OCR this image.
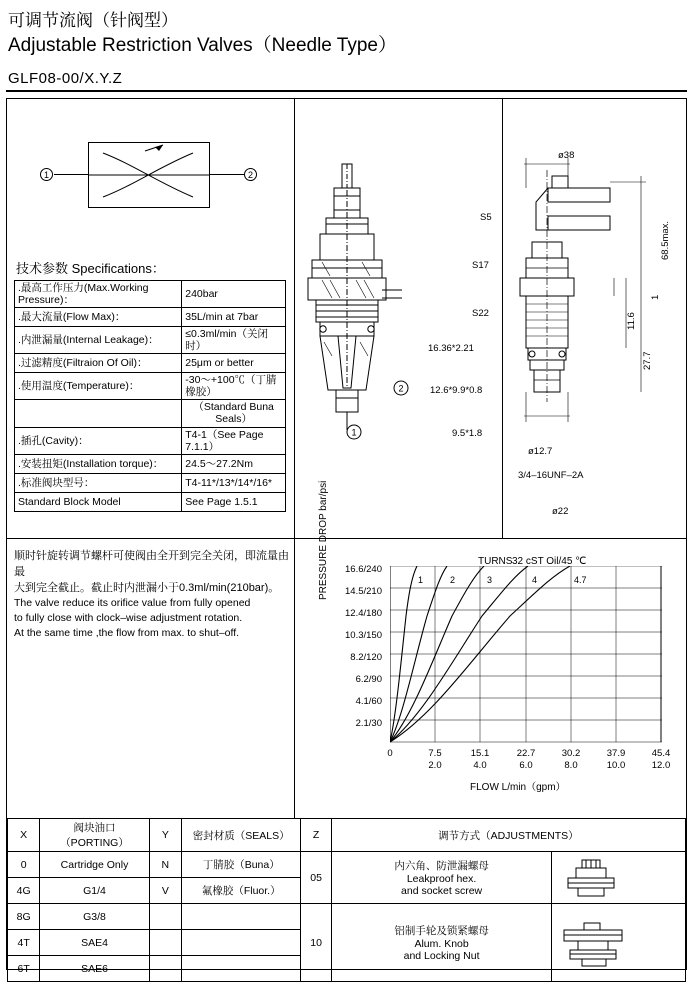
可调节流阀（针阀型）
Adjustable Restriction Valves（Needle Type）
GLF08-00/X.Y.Z
1	2
技术参数 Specifications：
.最高工作压力(Max.Working Pressure)：	240bar
.最大流量(Flow Max)：	35L/min at 7bar
.内泄漏量(Internal Leakage)：	≤0.3ml/min（关闭时）
.过滤精度(Filtraion Of Oil)：	25μm or better
.使用温度(Temperature)：	-30～+100℃（丁腈橡胶）
	（Standard Buna Seals）
.插孔(Cavity)：	T4-1（See Page 7.1.1）
.安装扭矩(Installation torque)：	24.5～27.2Nm
.标准阀块型号：	T4-11*/13*/14*/16*
Standard Block Model	See Page 1.5.1
顺时针旋转调节螺杆可使阀由全开到完全关闭，即流量由最
大到完全截止。截止时内泄漏小于0.3ml/min(210bar)。
The valve reduce its orifice value from fully opened
to fully close with clock–wise adjustment rotation.
At the same time ,the flow from max. to shut–off.
2
1
ø38
S5
S17
S22
16.36*2.21
12.6*9.9*0.8
9.5*1.8
ø12.7
ø22
3/4–16UNF–2A
68.5max.
27.7
11.6
1
TURNS 32 cST Oil/45 ℃
PRESSURE DROP bar/psi	16.6/240
14.5/210
12.4/180
10.3/150
8.2/120
6.2/90
4.1/60
2.1/30
1	2	3	4	4.7
0	7.5	15.1	22.7	30.2	37.9	45.4
2.0	4.0	6.0	8.0	10.0	12.0
FLOW L/min（gpm）
X	阀块油口（PORTING）	Y	密封材质（SEALS）	Z	调节方式（ADJUSTMENTS）	
0	Cartridge Only	N	丁腈胶（Buna）	05	内六角、防泄漏螺母
Leakproof hex.
and socket screw

4G	G1/4	V	氟橡胶（Fluor.）			
8G	G3/8			10	铝制手轮及锁紧螺母
Alum. Knob
and Locking Nut

4T	SAE4					
6T	SAE6					
